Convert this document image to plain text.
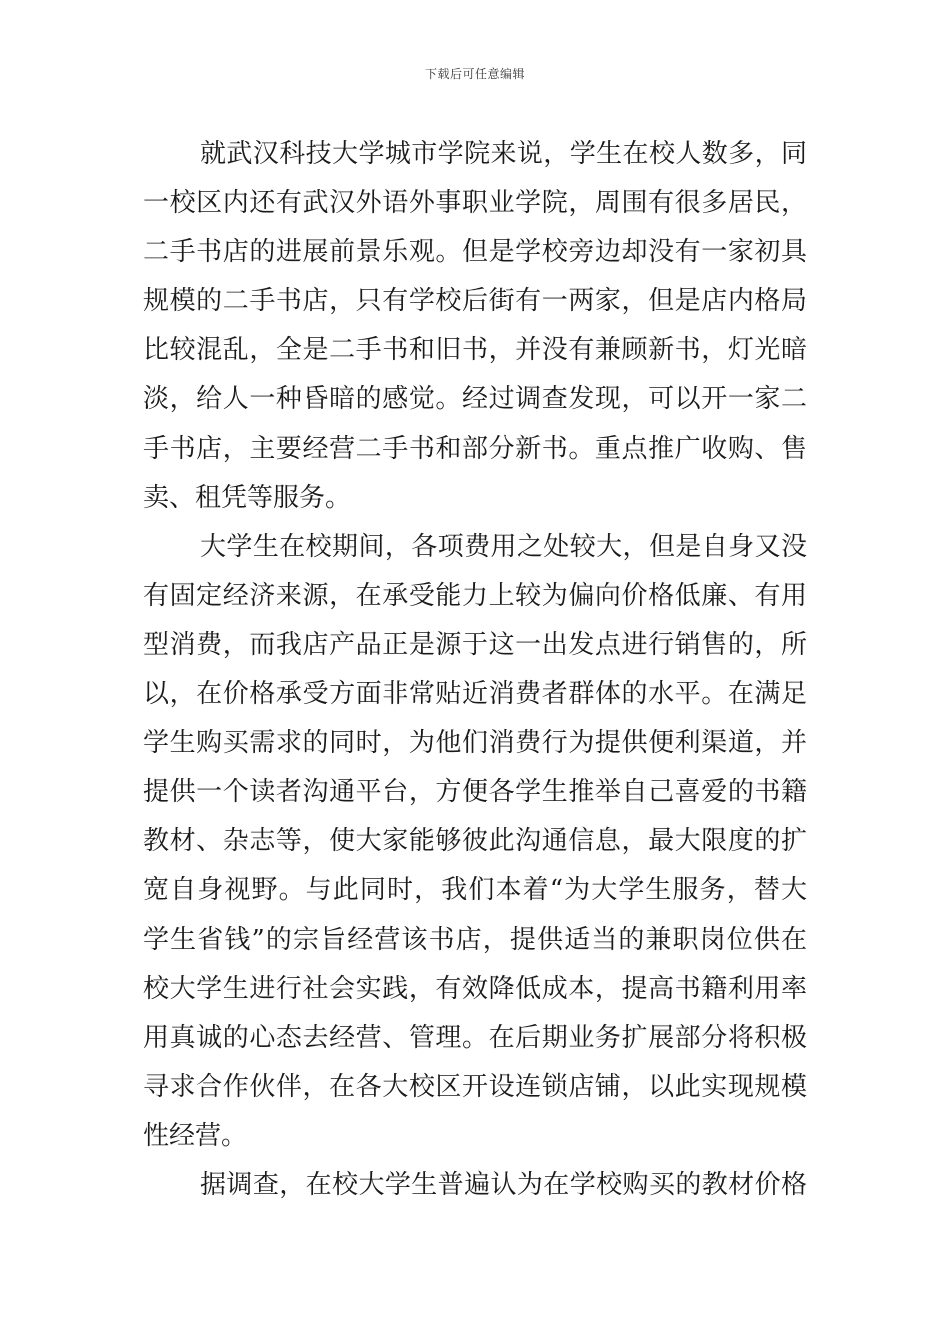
下载后可任意编辑
就武汉科技大学城市学院来说，学生在校人数多，同
一校区内还有武汉外语外事职业学院，周围有很多居民，
二手书店的进展前景乐观。但是学校旁边却没有一家初具
规模的二手书店，只有学校后街有一两家，但是店内格局
比较混乱，全是二手书和旧书，并没有兼顾新书，灯光暗
淡，给人一种昏暗的感觉。经过调查发现，可以开一家二
手书店，主要经营二手书和部分新书。重点推广收购、售
卖、租凭等服务。
大学生在校期间，各项费用之处较大，但是自身又没
有固定经济来源，在承受能力上较为偏向价格低廉、有用
型消费，而我店产品正是源于这一出发点进行销售的，所
以，在价格承受方面非常贴近消费者群体的水平。在满足
学生购买需求的同时，为他们消费行为提供便利渠道，并
提供一个读者沟通平台，方便各学生推举自己喜爱的书籍
教材、杂志等，使大家能够彼此沟通信息，最大限度的扩
宽自身视野。与此同时，我们本着“为大学生服务，替大
学生省钱”的宗旨经营该书店，提供适当的兼职岗位供在
校大学生进行社会实践，有效降低成本，提高书籍利用率
用真诚的心态去经营、管理。在后期业务扩展部分将积极
寻求合作伙伴，在各大校区开设连锁店铺，以此实现规模
性经营。
据调查，在校大学生普遍认为在学校购买的教材价格
